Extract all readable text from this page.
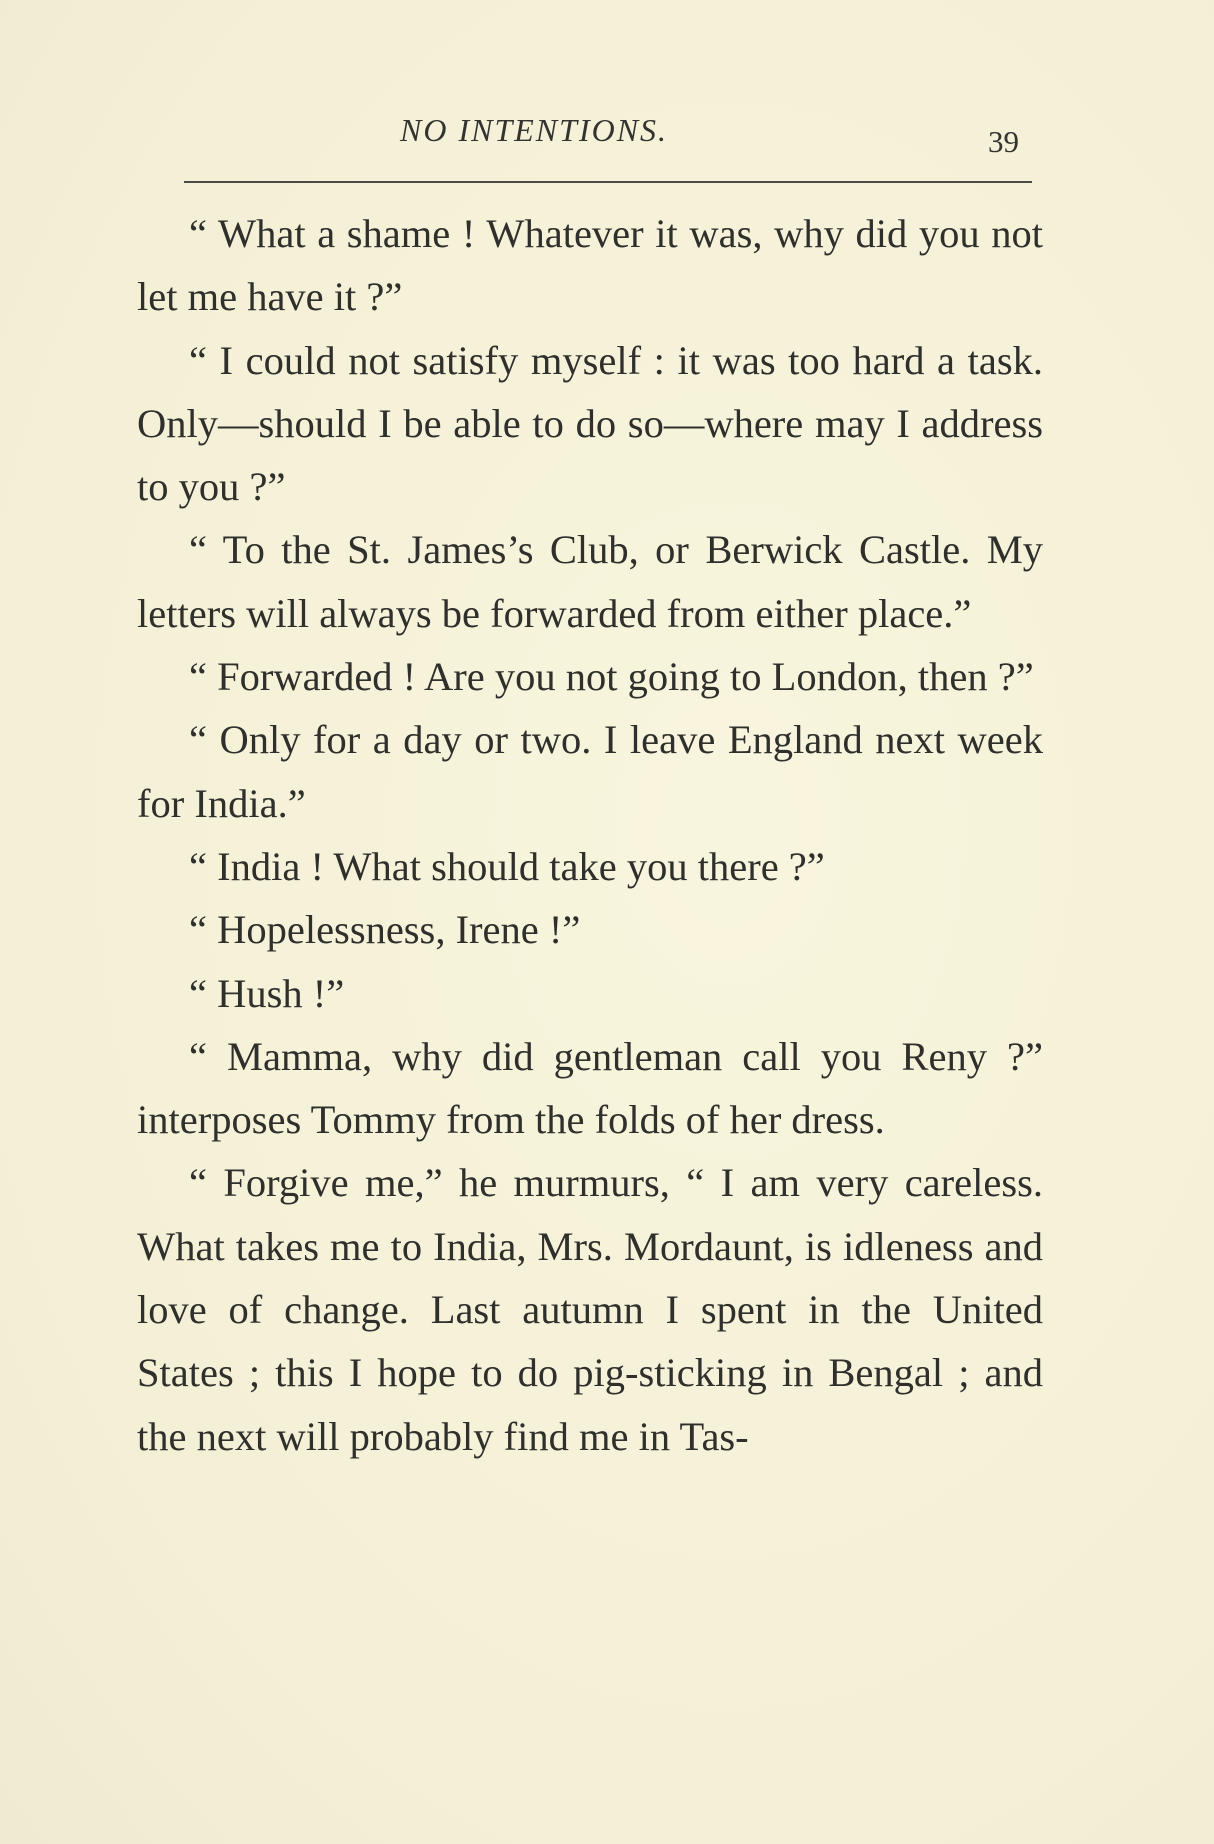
NO INTENTIONS.	39

“ What a shame ! Whatever it was, why did you not let me have it ?”

“ I could not satisfy myself : it was too hard a task. Only—should I be able to do so—where may I address to you ?”

“ To the St. James’s Club, or Berwick Castle. My letters will always be forwarded from either place.”

“ Forwarded ! Are you not going to London, then ?”

“ Only for a day or two. I leave England next week for India.”

“ India ! What should take you there ?”

“ Hopelessness, Irene !”

“ Hush !”

“ Mamma, why did gentleman call you Reny ?” interposes Tommy from the folds of her dress.

“ Forgive me,” he murmurs, “ I am very careless. What takes me to India, Mrs. Mordaunt, is idleness and love of change. Last autumn I spent in the United States ; this I hope to do pig-sticking in Bengal ; and the next will probably find me in Tas-
